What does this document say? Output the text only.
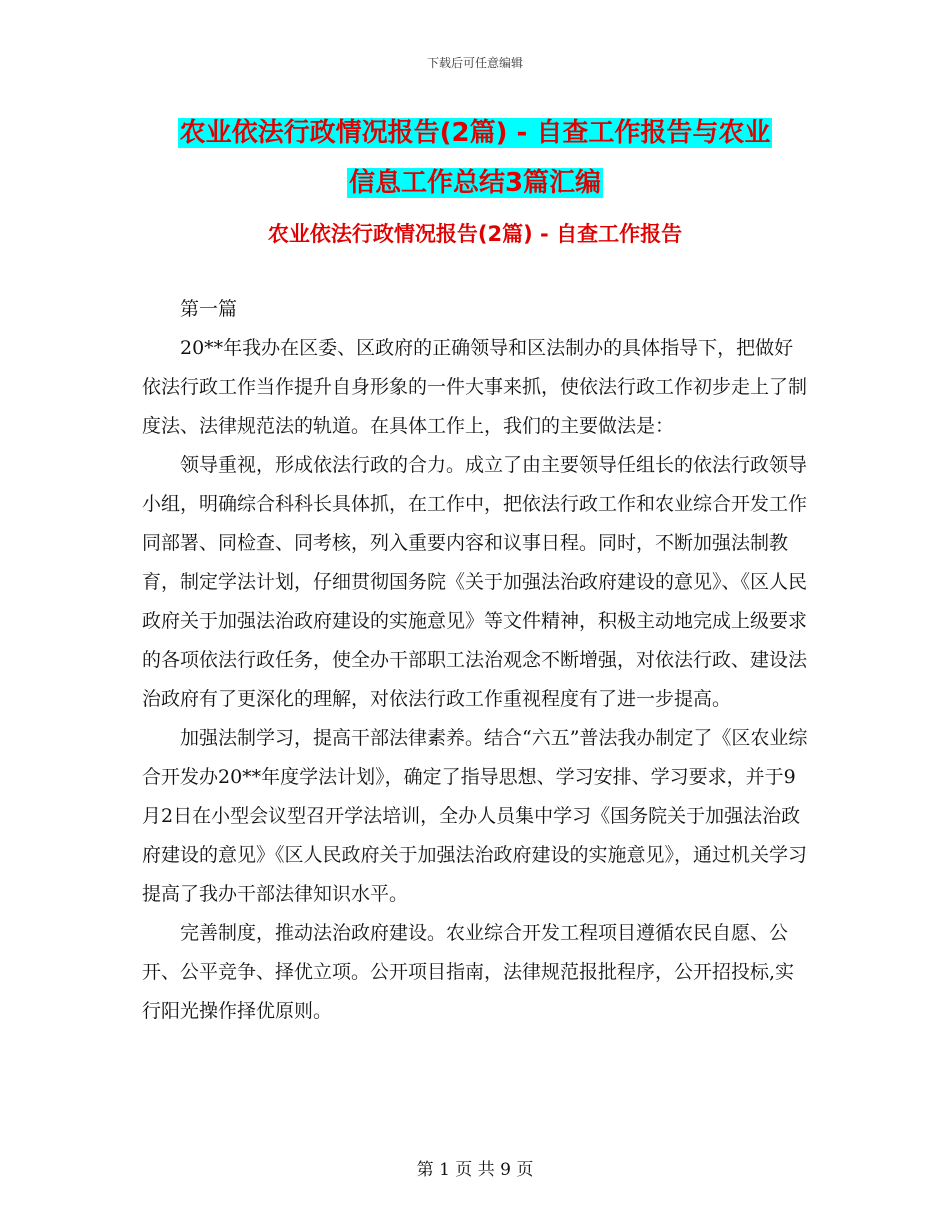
下载后可任意编辑
农业依法行政情况报告(2篇) - 自查工作报告与农业
信息工作总结3篇汇编
农业依法行政情况报告(2篇) - 自查工作报告

第一篇

20**年我办在区委、区政府的正确领导和区法制办的具体指导下，把做好依法行政工作当作提升自身形象的一件大事来抓，使依法行政工作初步走上了制度法、法律规范法的轨道。在具体工作上，我们的主要做法是：

领导重视，形成依法行政的合力。成立了由主要领导任组长的依法行政领导小组，明确综合科科长具体抓，在工作中，把依法行政工作和农业综合开发工作同部署、同检查、同考核，列入重要内容和议事日程。同时，不断加强法制教育，制定学法计划，仔细贯彻国务院《关于加强法治政府建设的意见》、《区人民政府关于加强法治政府建设的实施意见》等文件精神，积极主动地完成上级要求的各项依法行政任务，使全办干部职工法治观念不断增强，对依法行政、建设法治政府有了更深化的理解，对依法行政工作重视程度有了进一步提高。

加强法制学习，提高干部法律素养。结合“六五”普法我办制定了《区农业综合开发办20**年度学法计划》，确定了指导思想、学习安排、学习要求，并于9月2日在小型会议型召开学法培训，全办人员集中学习《国务院关于加强法治政府建设的意见》《区人民政府关于加强法治政府建设的实施意见》，通过机关学习提高了我办干部法律知识水平。

完善制度，推动法治政府建设。农业综合开发工程项目遵循农民自愿、公开、公平竞争、择优立项。公开项目指南，法律规范报批程序，公开招投标,实行阳光操作择优原则。

第 1 页 共 9 页
